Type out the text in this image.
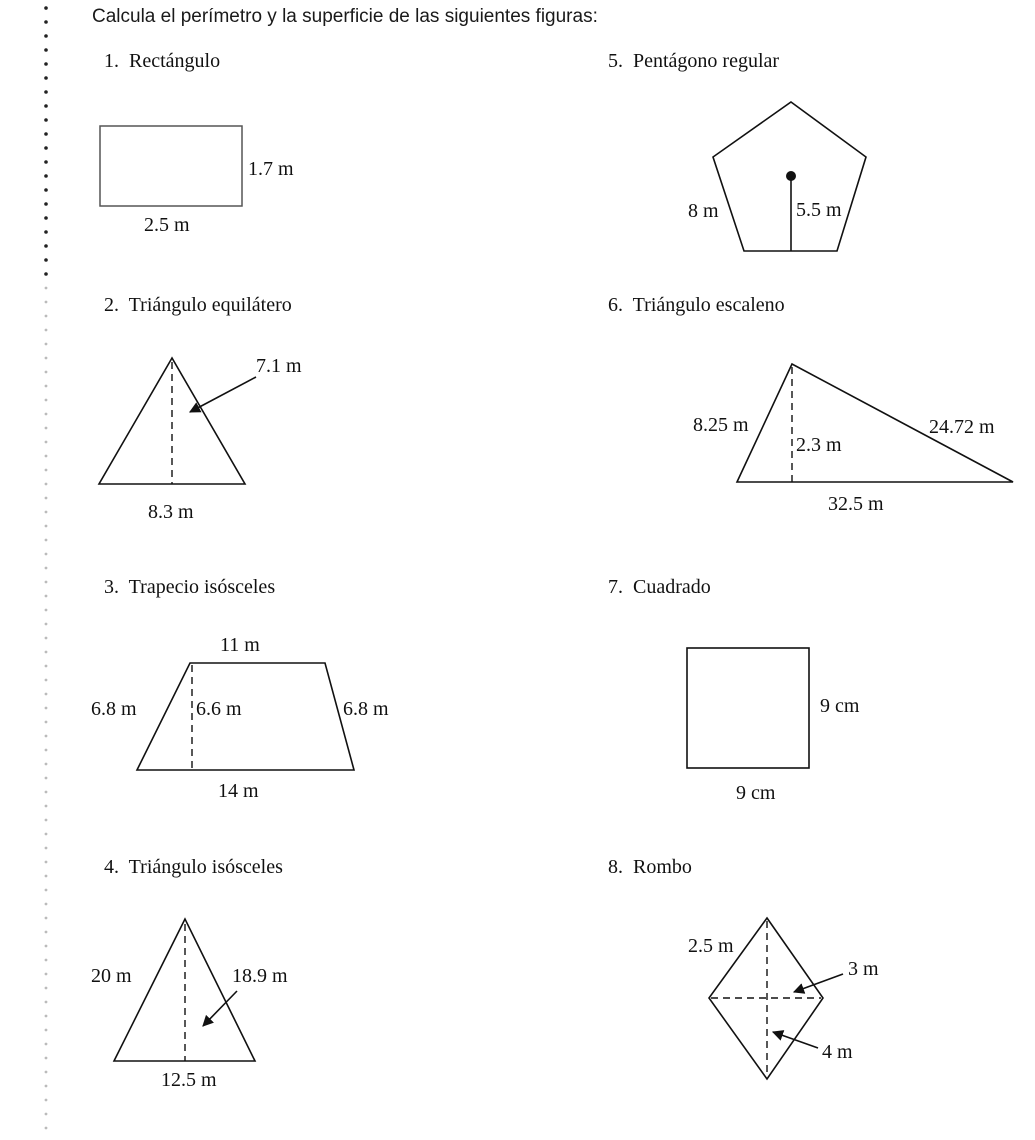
Calcula el perímetro y la superficie de las siguientes figuras:
1. Rectángulo
2. Triángulo equilátero
3. Trapecio isósceles
4. Triángulo isósceles
5. Pentágono regular
6. Triángulo escaleno
7. Cuadrado
8. Rombo
1.7 m
2.5 m
7.1 m
8.3 m
11 m
6.8 m	6.6 m	6.8 m
14 m
20 m	18.9 m
12.5 m
8 m	5.5 m
8.25 m	24.72 m
2.3 m
32.5 m
9 cm
9 cm
2.5 m
3 m
4 m
